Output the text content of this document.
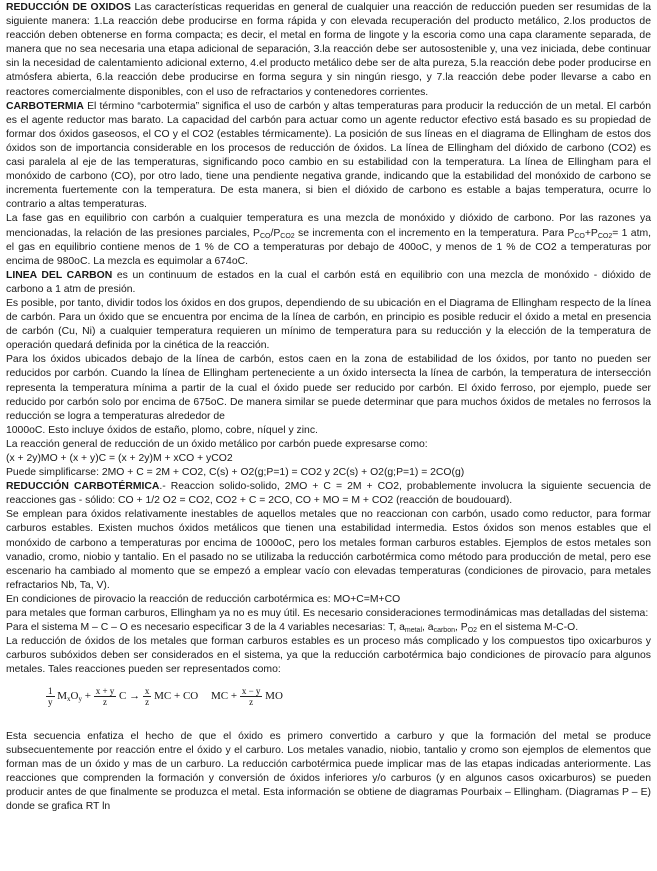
REDUCCIÓN DE OXIDOS Las características requeridas en general de cualquier una reacción de reducción pueden ser resumidas de la siguiente manera: 1.La reacción debe producirse en forma rápida y con elevada recuperación del producto metálico, 2.los productos de reacción deben obtenerse en forma compacta; es decir, el metal en forma de lingote y la escoria como una capa claramente separada, de manera que no sea necesaria una etapa adicional de separación, 3.la reacción debe ser autosostenible y, una vez iniciada, debe continuar sin la necesidad de calentamiento adicional externo, 4.el producto metálico debe ser de alta pureza, 5.la reacción debe poder producirse en atmósfera abierta, 6.la reacción debe producirse en forma segura y sin ningún riesgo, y 7.la reacción debe poder llevarse a cabo en reactores comercialmente disponibles, con el uso de refractarios y contenedores corrientes.

CARBOTERMIA El término “carbotermia” significa el uso de carbón y altas temperaturas para producir la reducción de un metal. El carbón es el agente reductor mas barato. La capacidad del carbón para actuar como un agente reductor efectivo está basado es su propiedad de formar dos óxidos gaseosos, el CO y el CO2 (estables térmicamente). La posición de sus líneas en el diagrama de Ellingham de estos dos óxidos son de importancia considerable en los procesos de reducción de óxidos. La línea de Ellingham del dióxido de carbono (CO2) es casi paralela al eje de las temperaturas, significando poco cambio en su estabilidad con la temperatura. La línea de Ellingham para el monóxido de carbono (CO), por otro lado, tiene una pendiente negativa grande, indicando que la estabilidad del monóxido de carbono se incrementa fuertemente con la temperatura. De esta manera, si bien el dióxido de carbono es estable a bajas temperatura, ocurre lo contrario a altas temperaturas.

La fase gas en equilibrio con carbón a cualquier temperatura es una mezcla de monóxido y dióxido de carbono. Por las razones ya mencionadas, la relación de las presiones parciales, $P_{CO}/P_{CO2}$ se incrementa con el incremento en la temperatura. Para $P_{CO}+P_{CO2}= 1$ atm, el gas en equilibrio contiene menos de 1 % de CO a temperaturas por debajo de 400oC, y menos de 1 % de CO2 a temperaturas por encima de 980oC. La mezcla es equimolar a 674oC.

LINEA DEL CARBON es un continuum de estados en la cual el carbón está en equilibrio con una mezcla de monóxido - dióxido de carbono a 1 atm de presión.

Es posible, por tanto, dividir todos los óxidos en dos grupos, dependiendo de su ubicación en el Diagrama de Ellingham respecto de la línea de carbón. Para un óxido que se encuentra por encima de la línea de carbón, en principio es posible reducir el óxido a metal en presencia de carbón (Cu, Ni) a cualquier temperatura requieren un mínimo de temperatura para su reducción y la elección de la temperatura de operación quedará definida por la cinética de la reacción.

Para los óxidos ubicados debajo de la línea de carbón, estos caen en la zona de estabilidad de los óxidos, por tanto no pueden ser reducidos por carbón. Cuando la línea de Ellingham perteneciente a un óxido intersecta la línea de carbón, la temperatura de intersección representa la temperatura mínima a partir de la cual el óxido puede ser reducido por carbón. El óxido ferroso, por ejemplo, puede ser reducido por carbón solo por encima de 675oC. De manera similar se puede determinar que para muchos óxidos de metales no ferrosos la reducción se logra a temperaturas alrededor de

1000oC. Esto incluye óxidos de estaño, plomo, cobre, níquel y zinc.

La reacción general de reducción de un óxido metálico por carbón puede expresarse como:

(x + 2y)MO + (x + y)C = (x + 2y)M + xCO + yCO2

Puede simplificarse: 2MO + C = 2M + CO2, C(s) + O2(g;P=1) = CO2 y 2C(s) + O2(g;P=1) = 2CO(g)

REDUCCIÓN CARBOTÉRMICA.- Reaccion solido-solido, 2MO + C = 2M + CO2, probablemente involucra la siguiente secuencia de reacciones gas - sólido: CO + 1/2 O2 = CO2, CO2 + C = 2CO, CO + MO = M + CO2 (reacción de boudouard).

Se emplean para óxidos relativamente inestables de aquellos metales que no reaccionan con carbón, usado como reductor, para formar carburos estables. Existen muchos óxidos metálicos que tienen una estabilidad intermedia. Estos óxidos son menos estables que el monóxido de carbono a temperaturas por encima de 1000oC, pero los metales forman carburos estables. Ejemplos de estos metales son vanadio, cromo, niobio y tantalio. En el pasado no se utilizaba la reducción carbotérmica como método para producción de metal, pero ese escenario ha cambiado al momento que se empezó a emplear vacío con elevadas temperaturas (condiciones de pirovacio, para metales refractarios Nb, Ta, V).

En condiciones de pirovacio la reacción de reducción carbotérmica es: MO+C=M+CO

para metales que forman carburos, Ellingham ya no es muy útil. Es necesario consideraciones termodinámicas mas detalladas del sistema:

Para el sistema M – C – O es necesario especificar 3 de la 4 variables necesarias: T, $a_{metal}$, $a_{carbon}$, $P_{O2}$ en el sistema M-C-O.

La reducción de óxidos de los metales que forman carburos estables es un proceso más complicado y los compuestos tipo oxicarburos y carburos subóxidos deben ser considerados en el sistema, ya que la reducción carbotérmica bajo condiciones de pirovacío para algunos metales. Tales reacciones pueden ser representados como:

$\frac{1}{y} M_xO_y + \frac{x + y}{z}$ $C \to \frac{x}{z}$ MC + CO MC + $\frac{x - y}{z}$ MO

Esta secuencia enfatiza el hecho de que el óxido es primero convertido a carburo y que la formación del metal se produce subsecuentemente por reacción entre el óxido y el carburo. Los metales vanadio, niobio, tantalio y cromo son ejemplos de elementos que forman mas de un óxido y mas de un carburo. La reducción carbotérmica puede implicar mas de las etapas indicadas anteriormente. Las reacciones que comprenden la formación y conversión de óxidos inferiores y/o carburos (y en algunos casos oxicarburos) se pueden producir antes de que finalmente se produzca el metal. Esta información se obtiene de diagramas Pourbaix – Ellingham. (Diagramas P – E) donde se grafica RT ln
